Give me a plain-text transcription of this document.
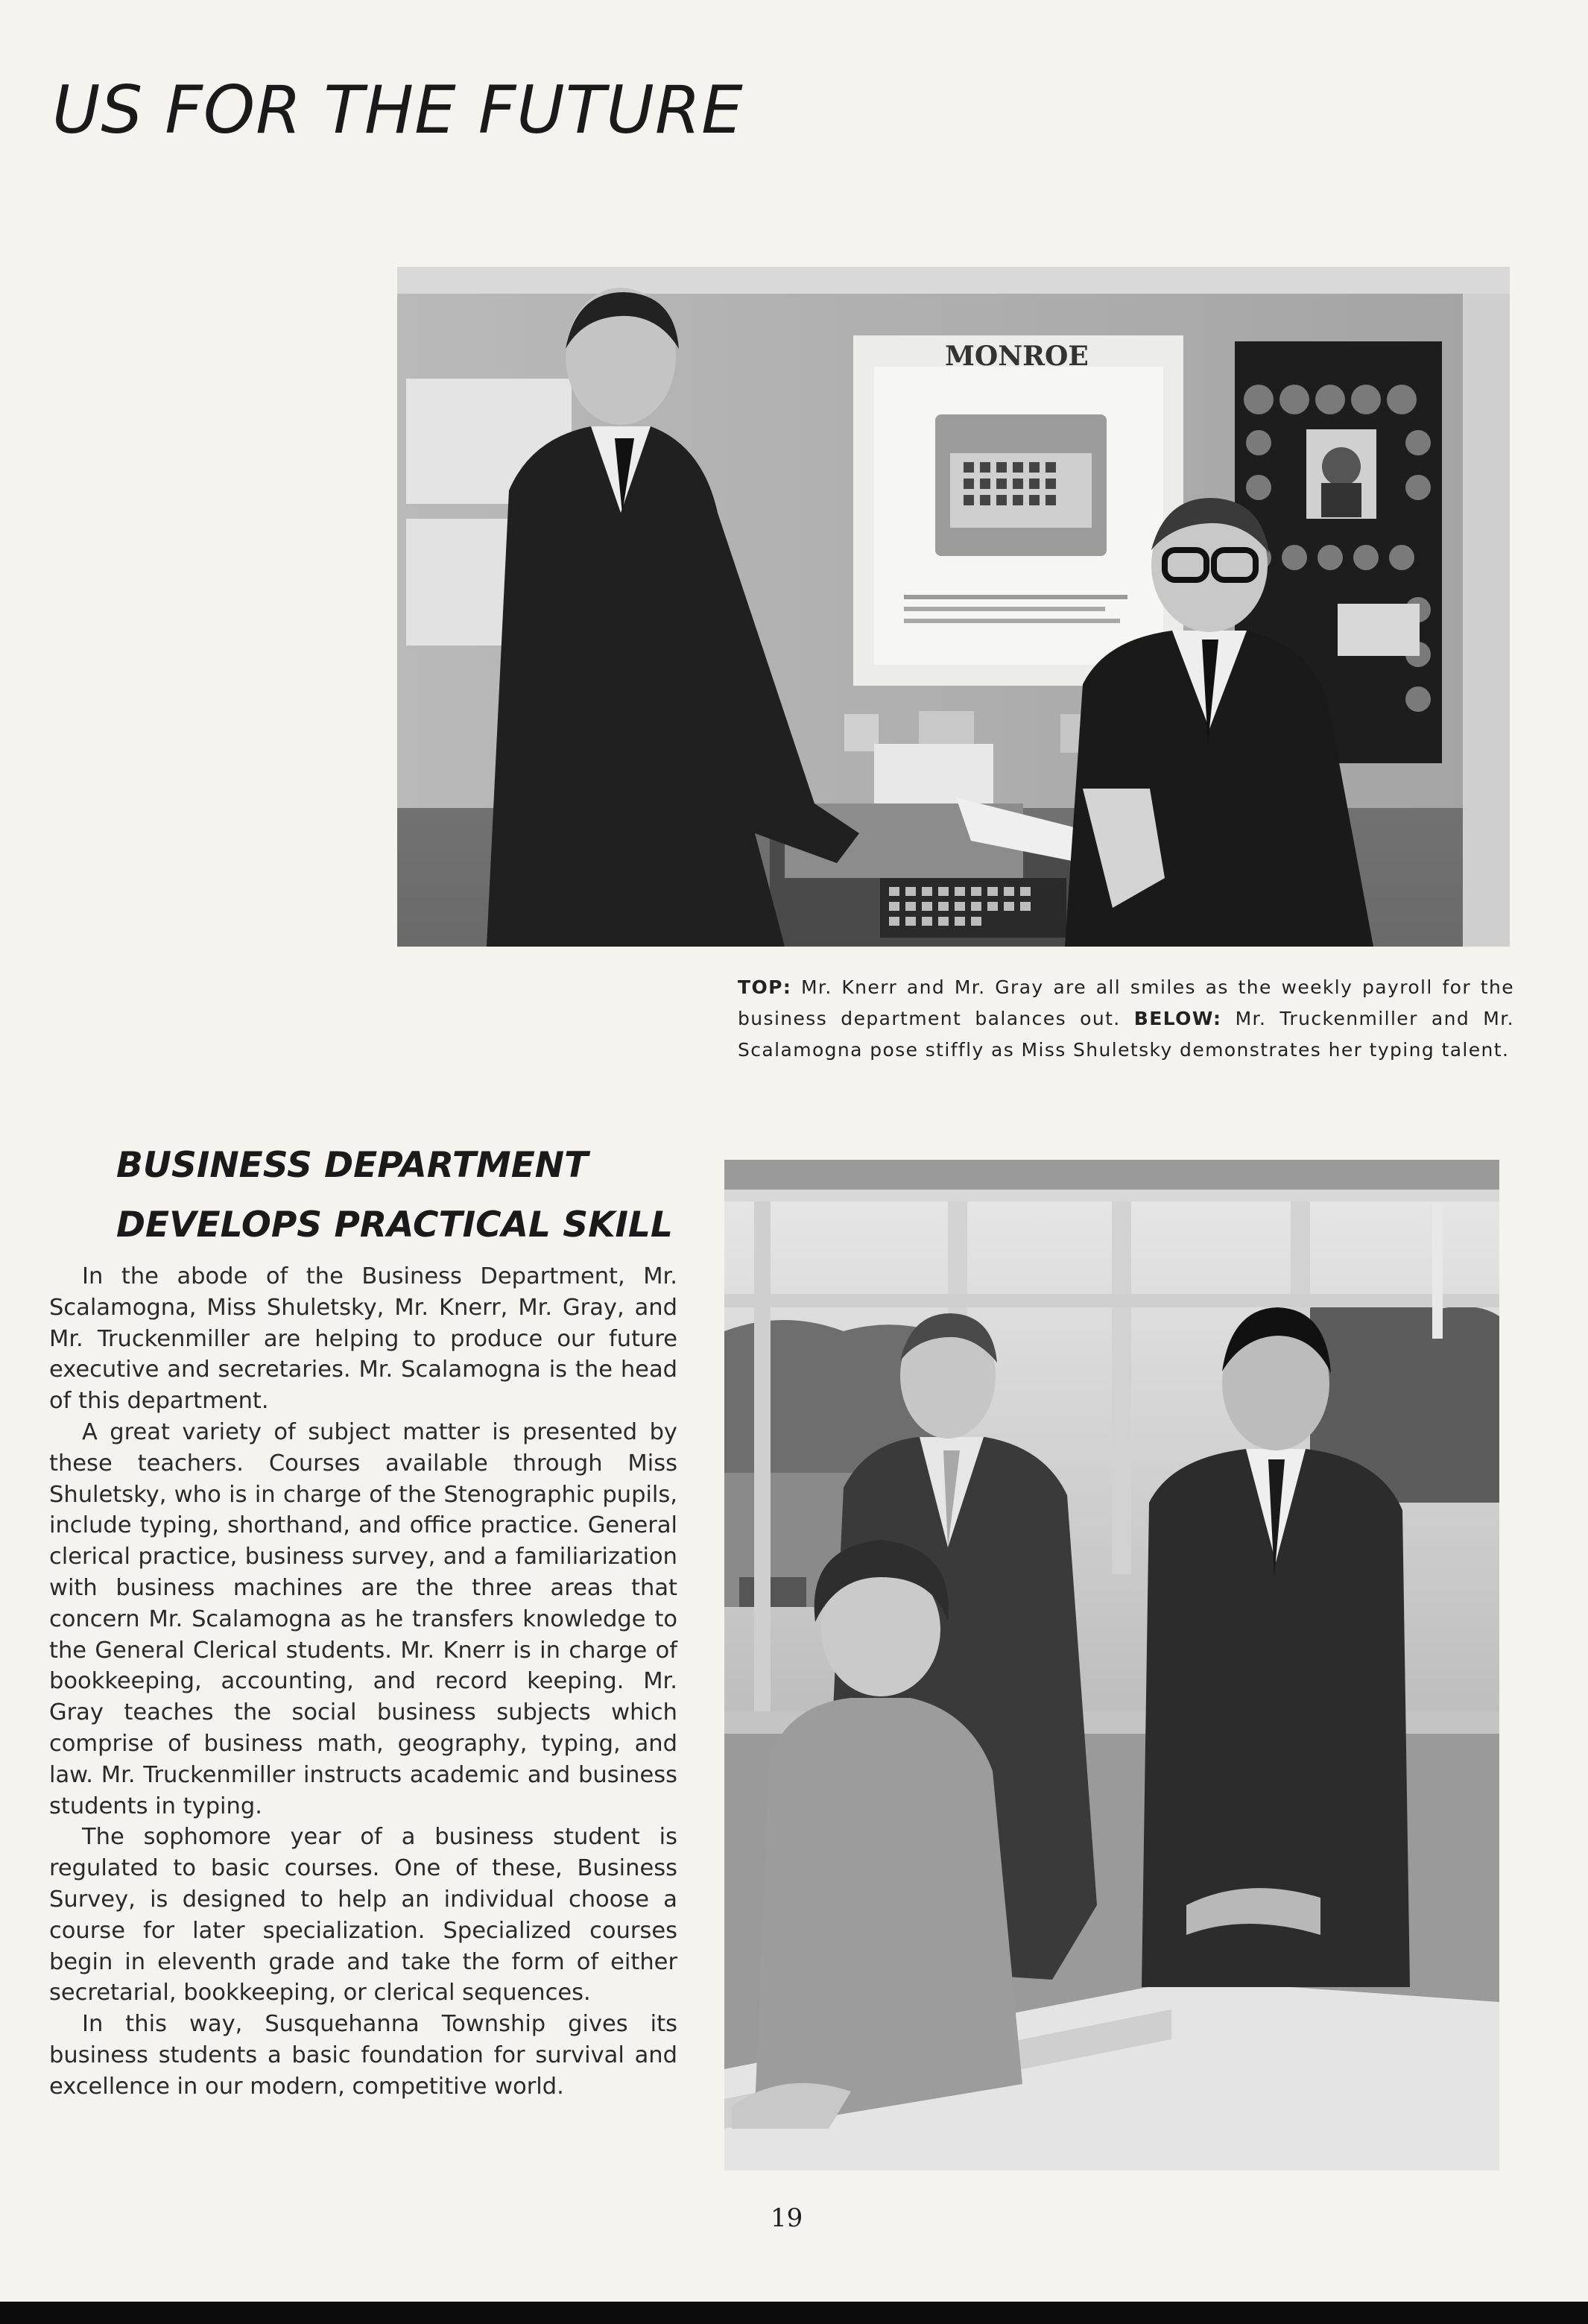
US FOR THE FUTURE
MONROE

TOP: Mr. Knerr and Mr. Gray are all smiles as the weekly payroll for the business department balances out. BELOW: Mr. Truckenmiller and Mr. Scalamogna pose stiffly as Miss Shuletsky demonstrates her typing talent.

BUSINESS DEPARTMENT
DEVELOPS PRACTICAL SKILL

In the abode of the Business Department, Mr. Scalamogna, Miss Shuletsky, Mr. Knerr, Mr. Gray, and Mr. Truckenmiller are helping to produce our future executive and secretaries. Mr. Scalamogna is the head of this department.

A great variety of subject matter is presented by these teachers. Courses available through Miss Shuletsky, who is in charge of the Stenographic pupils, include typing, shorthand, and office practice. General clerical practice, business survey, and a familiarization with business machines are the three areas that concern Mr. Scalamogna as he transfers knowledge to the General Clerical students. Mr. Knerr is in charge of bookkeeping, accounting, and record keeping. Mr. Gray teaches the social business subjects which comprise of business math, geography, typing, and law. Mr. Truckenmiller instructs academic and business students in typing.

The sophomore year of a business student is regulated to basic courses. One of these, Business Survey, is designed to help an individual choose a course for later specialization. Specialized courses begin in eleventh grade and take the form of either secretarial, bookkeeping, or clerical sequences.

In this way, Susquehanna Township gives its business students a basic foundation for survival and excellence in our modern, competitive world.

19
